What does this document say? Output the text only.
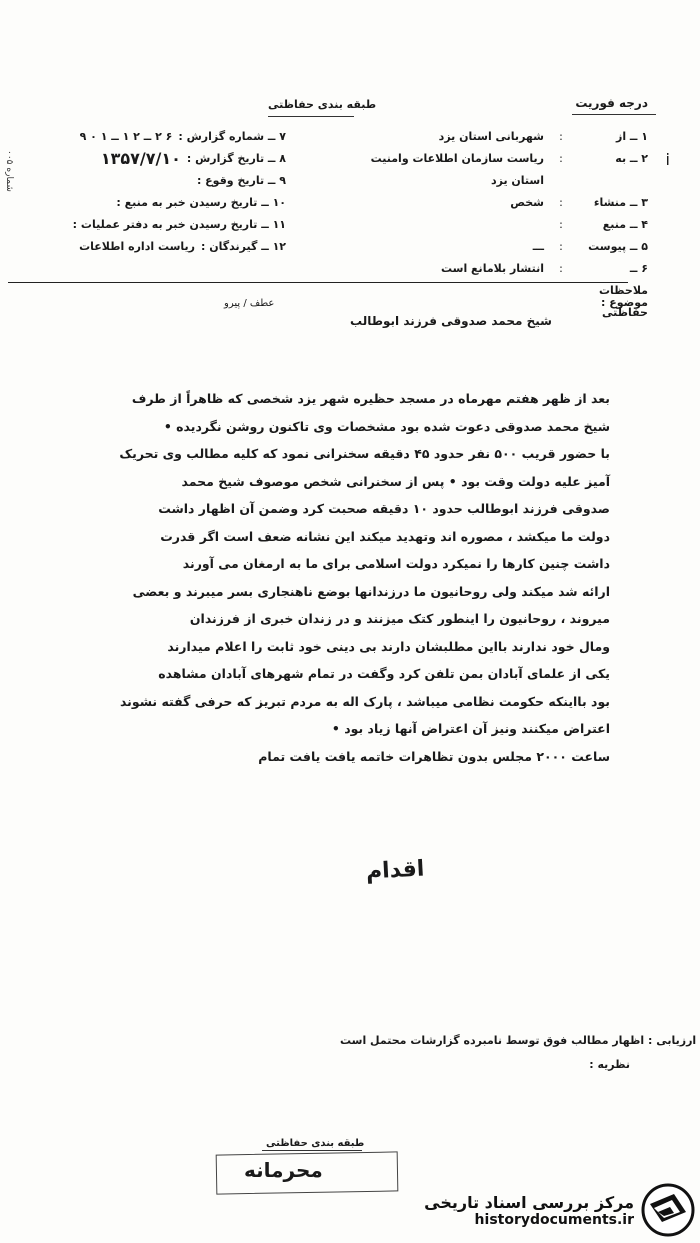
درجه فوریت
طبقه بندی حفاظتی
ⅰ
شماره ۰۰۵
۱ ــ از
:
شهربانی استان یزد
۲ ــ به
:
ریاست سازمان اطلاعات وامنیت استان یزد
۳ ــ منشاء
:
شخص
۴ ــ منبع
:
۵ ــ پیوست
:
ـــ
۶ ــ ملاحظات حفاظتی
:
انتشار بلامانع است
۷ ــ شماره گزارش :
۶ ۲ ــ ۲ ۱ ــ ۱ ۰ ۹
۸ ــ تاریخ گزارش :
۱۳۵۷/۷/۱۰
۹ ــ تاریخ وقوع :
۱۰ ــ تاریخ رسیدن خبر به منبع :
۱۱ ــ تاریخ رسیدن خبر به دفتر عملیات :
۱۲ ــ گیرندگان :
ریاست اداره اطلاعات
موضوع :
عطف / پیرو
شیخ محمد صدوقی فرزند ابوطالب

بعد از ظهر هفتم مهرماه در مسجد حظیره شهر یزد شخصی که ظاهراً از طرف

شیخ محمد صدوقی دعوت شده بود مشخصات وی تاکنون روشن نگردیده •

با حضور قریب ۵۰۰ نفر حدود ۴۵ دقیقه سخنرانی نمود که کلیه مطالب وی تحریک

آمیز علیه دولت وقت بود • پس از سخنرانی شخص موصوف شیخ محمد

صدوقی فرزند ابوطالب حدود ۱۰ دقیقه صحبت کرد وضمن آن اظهار داشت

دولت ما میکشد ، مصوره اند وتهدید میکند این نشانه ضعف است اگر قدرت

داشت چنین کارها را نمیکرد دولت اسلامی برای ما به ارمغان می آورند

ارائه شد میکند ولی روحانیون ما درزندانها بوضع ناهنجاری بسر میبرند و بعضی

میروند ، روحانیون را اینطور کتک میزنند و در زندان خبری از فرزندان

ومال خود ندارند بااین مطلبشان دارند بی دینی خود ثابت را اعلام میدارند

یکی از علمای آبادان بمن تلفن کرد وگفت در تمام شهرهای آبادان مشاهده

بود بااینکه حکومت نظامی میباشد ، پارک اله به مردم تبریز که حرفی گفته نشوند

اعتراض میکنند ونیز آن اعتراض آنها زیاد بود •

ساعت ۲۰۰۰ مجلس بدون تظاهرات خاتمه یافت یافت تمام

اقدام
ارزیابی : اظهار مطالب فوق توسط نامبرده گزارشات محتمل است
نظریه :
طبقه بندی حفاظتی
محرمانه
مرکز بررسی اسناد تاریخی
historydocuments.ir
